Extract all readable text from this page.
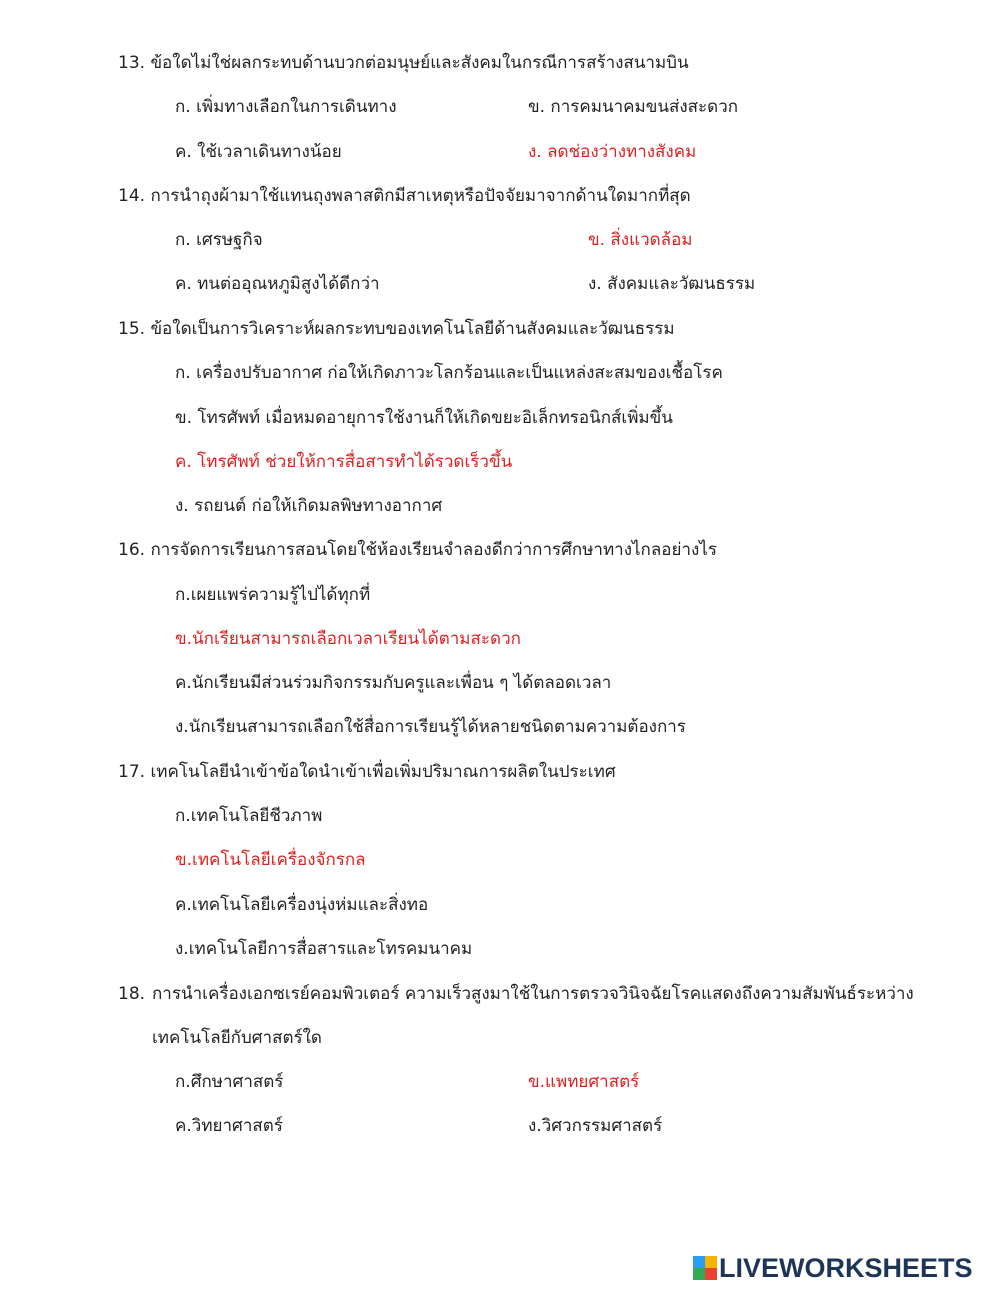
13. ข้อใดไม่ใช่ผลกระทบด้านบวกต่อมนุษย์และสังคมในกรณีการสร้างสนามบิน
ก. เพิ่มทางเลือกในการเดินทาง	ข. การคมนาคมขนส่งสะดวก
ค. ใช้เวลาเดินทางน้อย	ง. ลดช่องว่างทางสังคม
14. การนำถุงผ้ามาใช้แทนถุงพลาสติกมีสาเหตุหรือปัจจัยมาจากด้านใดมากที่สุด
ก. เศรษฐกิจ	ข. สิ่งแวดล้อม
ค. ทนต่ออุณหภูมิสูงได้ดีกว่า	ง. สังคมและวัฒนธรรม
15. ข้อใดเป็นการวิเคราะห์ผลกระทบของเทคโนโลยีด้านสังคมและวัฒนธรรม
ก. เครื่องปรับอากาศ ก่อให้เกิดภาวะโลกร้อนและเป็นแหล่งสะสมของเชื้อโรค
ข. โทรศัพท์ เมื่อหมดอายุการใช้งานก็ให้เกิดขยะอิเล็กทรอนิกส์เพิ่มขึ้น
ค. โทรศัพท์ ช่วยให้การสื่อสารทำได้รวดเร็วขึ้น
ง. รถยนต์ ก่อให้เกิดมลพิษทางอากาศ
16. การจัดการเรียนการสอนโดยใช้ห้องเรียนจำลองดีกว่าการศึกษาทางไกลอย่างไร
ก.เผยแพร่ความรู้ไปได้ทุกที่
ข.นักเรียนสามารถเลือกเวลาเรียนได้ตามสะดวก
ค.นักเรียนมีส่วนร่วมกิจกรรมกับครูและเพื่อน ๆ ได้ตลอดเวลา
ง.นักเรียนสามารถเลือกใช้สื่อการเรียนรู้ได้หลายชนิดตามความต้องการ
17. เทคโนโลยีนำเข้าข้อใดนำเข้าเพื่อเพิ่มปริมาณการผลิตในประเทศ
ก.เทคโนโลยีชีวภาพ
ข.เทคโนโลยีเครื่องจักรกล
ค.เทคโนโลยีเครื่องนุ่งห่มและสิ่งทอ
ง.เทคโนโลยีการสื่อสารและโทรคมนาคม
18. การนำเครื่องเอกซเรย์คอมพิวเตอร์ ความเร็วสูงมาใช้ในการตรวจวินิจฉัยโรคแสดงถึงความสัมพันธ์ระหว่าง
เทคโนโลยีกับศาสตร์ใด
ก.ศึกษาศาสตร์	ข.แพทยศาสตร์
ค.วิทยาศาสตร์	ง.วิศวกรรมศาสตร์
LIVEWORKSHEETS
